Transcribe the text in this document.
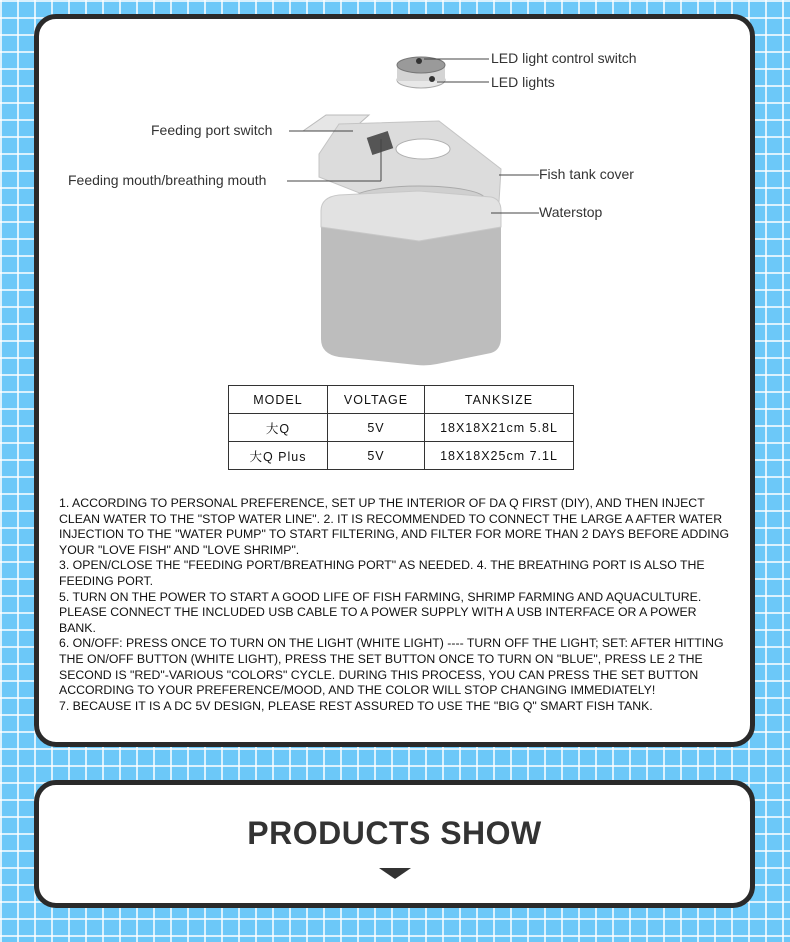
LED light control switch
LED lights
Feeding port switch
Feeding mouth/breathing mouth	Fish tank cover
Waterstop
MODEL	VOLTAGE	TANKSIZE
大Q	5V	18X18X21cm 5.8L
大Q Plus	5V	18X18X25cm 7.1L

1. ACCORDING TO PERSONAL PREFERENCE, SET UP THE INTERIOR OF DA Q FIRST (DIY), AND THEN INJECT CLEAN WATER TO THE "STOP WATER LINE". 2. IT IS RECOMMENDED TO CONNECT THE LARGE A AFTER WATER INJECTION TO THE "WATER PUMP" TO START FILTERING, AND FILTER FOR MORE THAN 2 DAYS BEFORE ADDING YOUR "LOVE FISH" AND "LOVE SHRIMP".

3. OPEN/CLOSE THE "FEEDING PORT/BREATHING PORT" AS NEEDED. 4. THE BREATHING PORT IS ALSO THE FEEDING PORT.

5. TURN ON THE POWER TO START A GOOD LIFE OF FISH FARMING, SHRIMP FARMING AND AQUACULTURE. PLEASE CONNECT THE INCLUDED USB CABLE TO A POWER SUPPLY WITH A USB INTERFACE OR A POWER BANK.

6. ON/OFF: PRESS ONCE TO TURN ON THE LIGHT (WHITE LIGHT) ---- TURN OFF THE LIGHT; SET: AFTER HITTING THE ON/OFF BUTTON (WHITE LIGHT), PRESS THE SET BUTTON ONCE TO TURN ON "BLUE", PRESS LE 2 THE SECOND IS "RED"-VARIOUS "COLORS" CYCLE. DURING THIS PROCESS, YOU CAN PRESS THE SET BUTTON ACCORDING TO YOUR PREFERENCE/MOOD, AND THE COLOR WILL STOP CHANGING IMMEDIATELY!

7. BECAUSE IT IS A DC 5V DESIGN, PLEASE REST ASSURED TO USE THE "BIG Q" SMART FISH TANK.

PRODUCTS SHOW
